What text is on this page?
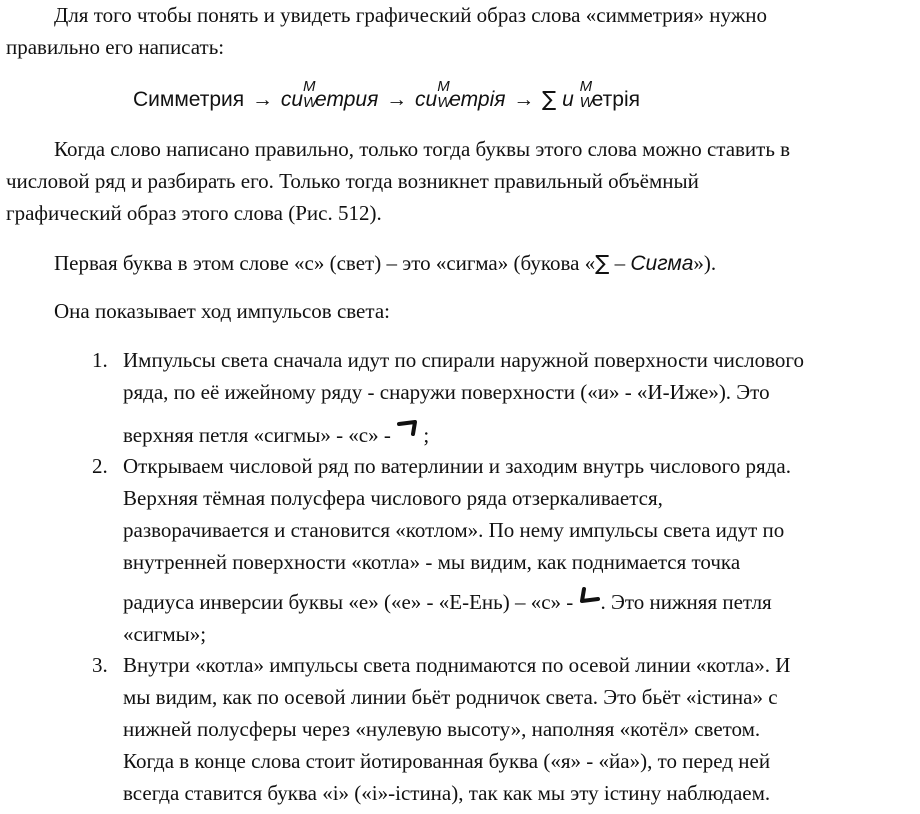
Для того чтобы понять и увидеть графический образ слова «симметрия» нужно
правильно его написать:
Симметрия → си
М
W
етрия → си
М
W
етрія → ∑ и
М
W
етрія
Когда слово написано правильно, только тогда буквы этого слова можно ставить в
числовой ряд и разбирать его. Только тогда возникнет правильный объёмный
графический образ этого слова (Рис. 512).
Первая буква в этом слове «с» (свет) – это «сигма» (букова «∑ – Сигма»).
Она показывает ход импульсов света:
1. Импульсы света сначала идут по спирали наружной поверхности числового
ряда, по её ижейному ряду - снаружи поверхности («и» - «И-Иже»). Это
верхняя петля «сигмы» - «с» - ;
2. Открываем числовой ряд по ватерлинии и заходим внутрь числового ряда.
Верхняя тёмная полусфера числового ряда отзеркаливается,
разворачивается и становится «котлом». По нему импульсы света идут по
внутренней поверхности «котла» - мы видим, как поднимается точка
радиуса инверсии буквы «е» («е» - «Е-Ень) – «с» - . Это нижняя петля
«сигмы»;
3. Внутри «котла» импульсы света поднимаются по осевой линии «котла». И
мы видим, как по осевой линии бьёт родничок света. Это бьёт «істина» с
нижней полусферы через «нулевую высоту», наполняя «котёл» светом.
Когда в конце слова стоит йотированная буква («я» - «йа»), то перед ней
всегда ставится буква «і» («і»-істина), так как мы эту істину наблюдаем.
